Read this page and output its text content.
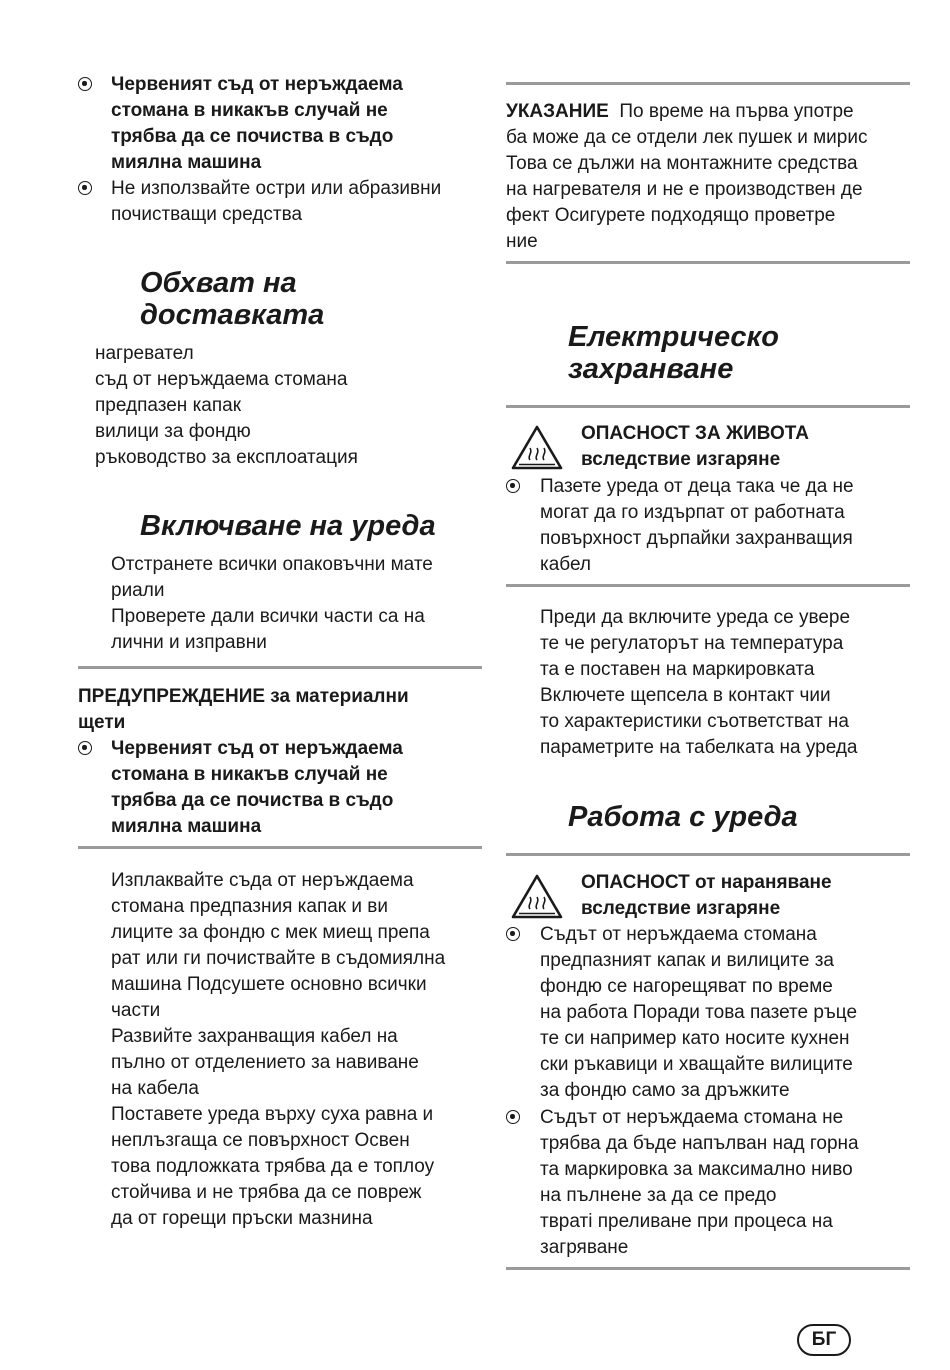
Червеният съд от неръждаема
стомана в никакъв случай не
трябва да се почиства в съдо
миялна машина
Не използвайте остри или абразивни
почистващи средства
Обхват на
доставката
нагревател
съд от неръждаема стомана
предпазен капак
вилици за фондю
ръководство за експлоатация
Включване на уреда
Отстранете всички опаковъчни мате
риали
Проверете дали всички части са на
лични и изправни
ПРЕДУПРЕЖДЕНИЕ за материални
щети
Червеният съд от неръждаема
стомана в никакъв случай не
трябва да се почиства в съдо
миялна машина
Изплаквайте съда от неръждаема
стомана предпазния капак и ви
лиците за фондю с мек миещ препа
рат или ги почиствайте в съдомиялна
машина Подсушете основно всички
части
Развийте захранващия кабел на
пълно от отделението за навиване
на кабела
Поставете уреда върху суха равна и
неплъзгаща се повърхност Освен
това подложката трябва да е топлоу
стойчива и не трябва да се повреж
да от горещи пръски мазнина
УКАЗАНИЕ По време на първа употре
ба може да се отдели лек пушек и мирис
Това се дължи на монтажните средства
на нагревателя и не е производствен де
фект Осигурете подходящо проветре
ние
Електрическо
захранване
ОПАСНОСТ ЗА ЖИВОТА
вследствие изгаряне
Пазете уреда от деца така че да не
могат да го издърпат от работната
повърхност дърпайки захранващия
кабел
Преди да включите уреда се увере
те че регулаторът на температура
та е поставен на маркировката
Включете щепсела в контакт чии
то характеристики съответстват на
параметрите на табелката на уреда
Работа с уреда
ОПАСНОСТ от нараняване
вследствие изгаряне
Съдът от неръждаема стомана
предпазният капак и вилиците за
фондю се нагорещяват по време
на работа Поради това пазете ръце
те си например като носите кухнен
ски ръкавици и хващайте вилиците
за фондю само за дръжките
Съдът от неръждаема стомана не
трябва да бъде напълван над горна
та маркировка за максимално ниво
на пълнене за да се предо
твратi преливане при процеса на
загряване
БГ
